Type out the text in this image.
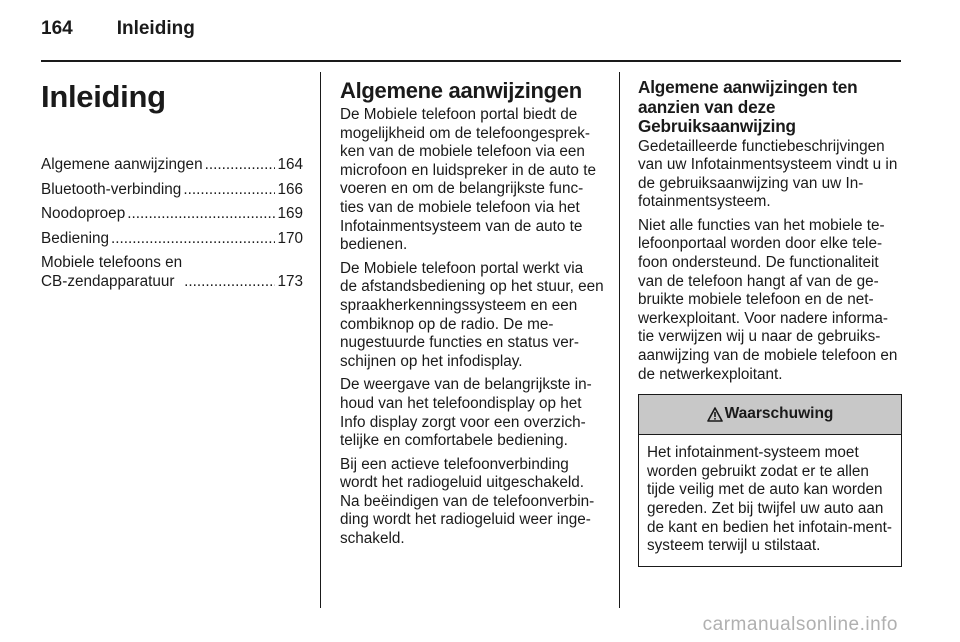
164 Inleiding
Inleiding
Algemene aanwijzingen .....	164
Bluetooth-verbinding .....	166
Noodoproep .....	169
Bediening .....	170
Mobiele telefoons en
CB-zendapparatuur .....	173
Algemene aanwijzingen

De Mobiele telefoon portal biedt de mogelijkheid om de telefoongesprek-ken van de mobiele telefoon via een microfoon en luidspreker in de auto te voeren en om de belangrijkste func-ties van de mobiele telefoon via het Infotainmentsysteem van de auto te bedienen.

De Mobiele telefoon portal werkt via de afstandsbediening op het stuur, een spraakherkenningssysteem en een combiknop op de radio. De me-nugestuurde functies en status ver-schijnen op het infodisplay.

De weergave van de belangrijkste in-houd van het telefoondisplay op het Info display zorgt voor een overzich-telijke en comfortabele bediening.

Bij een actieve telefoonverbinding wordt het radiogeluid uitgeschakeld. Na beëindigen van de telefoonverbin-ding wordt het radiogeluid weer inge-schakeld.

Algemene aanwijzingen ten aanzien van deze Gebruiksaanwijzing

Gedetailleerde functiebeschrijvingen van uw Infotainmentsysteem vindt u in de gebruiksaanwijzing van uw In-fotainmentsysteem.

Niet alle functies van het mobiele te-lefoonportaal worden door elke tele-foon ondersteund. De functionaliteit van de telefoon hangt af van de ge-bruikte mobiele telefoon en de net-werkexploitant. Voor nadere informa-tie verwijzen wij u naar de gebruiks-aanwijzing van de mobiele telefoon en de netwerkexploitant.

Waarschuwing
Het infotainment-systeem moet worden gebruikt zodat er te allen tijde veilig met de auto kan worden gereden. Zet bij twijfel uw auto aan de kant en bedien het infotain-ment-systeem terwijl u stilstaat.
carmanualsonline.info
